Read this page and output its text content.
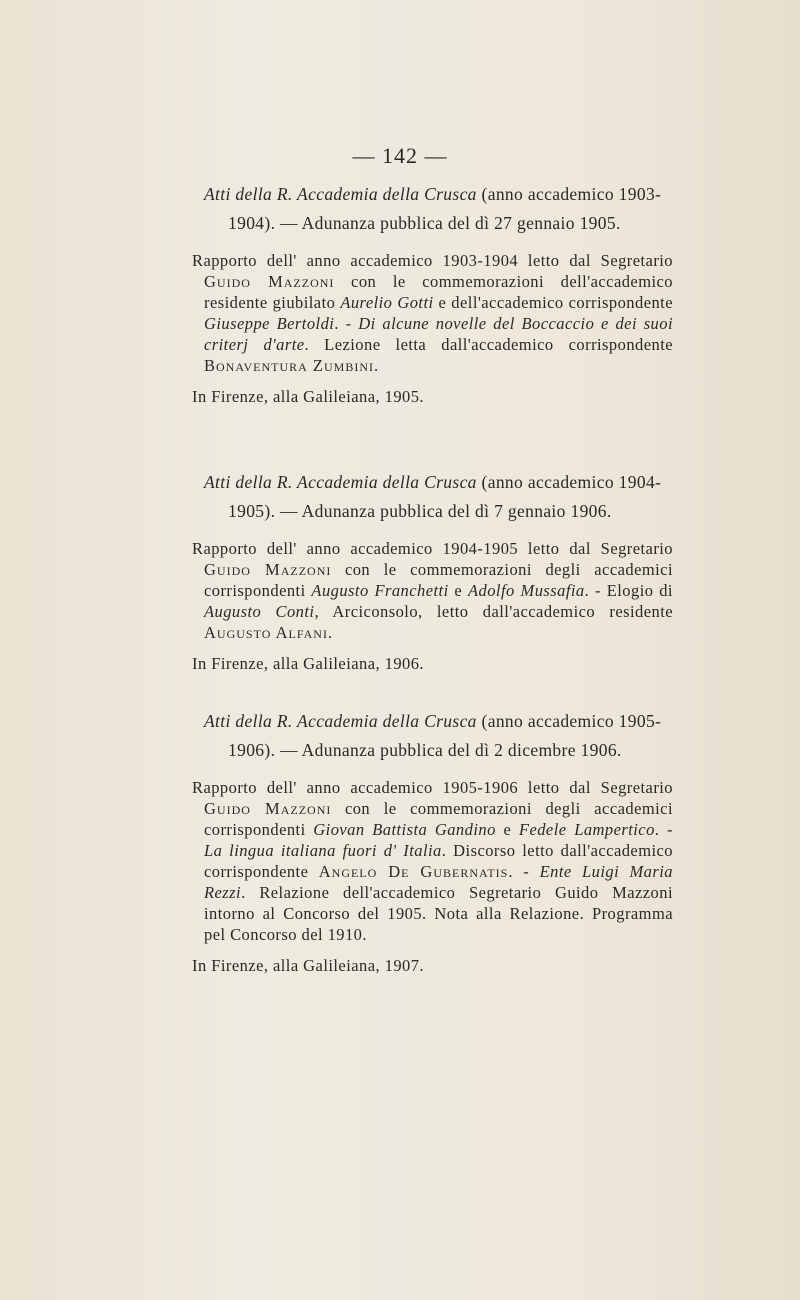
— 142 —
Atti della R. Accademia della Crusca (anno accademico 1903-1904). — Adunanza pubblica del dì 27 gennaio 1905.
Rapporto dell' anno accademico 1903-1904 letto dal Segretario Guido Mazzoni con le commemorazioni dell'accademico residente giubilato Aurelio Gotti e dell'accademico corrispondente Giuseppe Bertoldi. - Di alcune novelle del Boccaccio e dei suoi criterj d'arte. Lezione letta dall'accademico corrispondente Bonaventura Zumbini.
In Firenze, alla Galileiana, 1905.
Atti della R. Accademia della Crusca (anno accademico 1904-1905). — Adunanza pubblica del dì 7 gennaio 1906.
Rapporto dell' anno accademico 1904-1905 letto dal Segretario Guido Mazzoni con le commemorazioni degli accademici corrispondenti Augusto Franchetti e Adolfo Mussafia. - Elogio di Augusto Conti, Arciconsolo, letto dall'accademico residente Augusto Alfani.
In Firenze, alla Galileiana, 1906.
Atti della R. Accademia della Crusca (anno accademico 1905-1906). — Adunanza pubblica del dì 2 dicembre 1906.
Rapporto dell' anno accademico 1905-1906 letto dal Segretario Guido Mazzoni con le commemorazioni degli accademici corrispondenti Giovan Battista Gandino e Fedele Lampertico. - La lingua italiana fuori d' Italia. Discorso letto dall'accademico corrispondente Angelo De Gubernatis. - Ente Luigi Maria Rezzi. Relazione dell'accademico Segretario Guido Mazzoni intorno al Concorso del 1905. Nota alla Relazione. Programma pel Concorso del 1910.
In Firenze, alla Galileiana, 1907.
